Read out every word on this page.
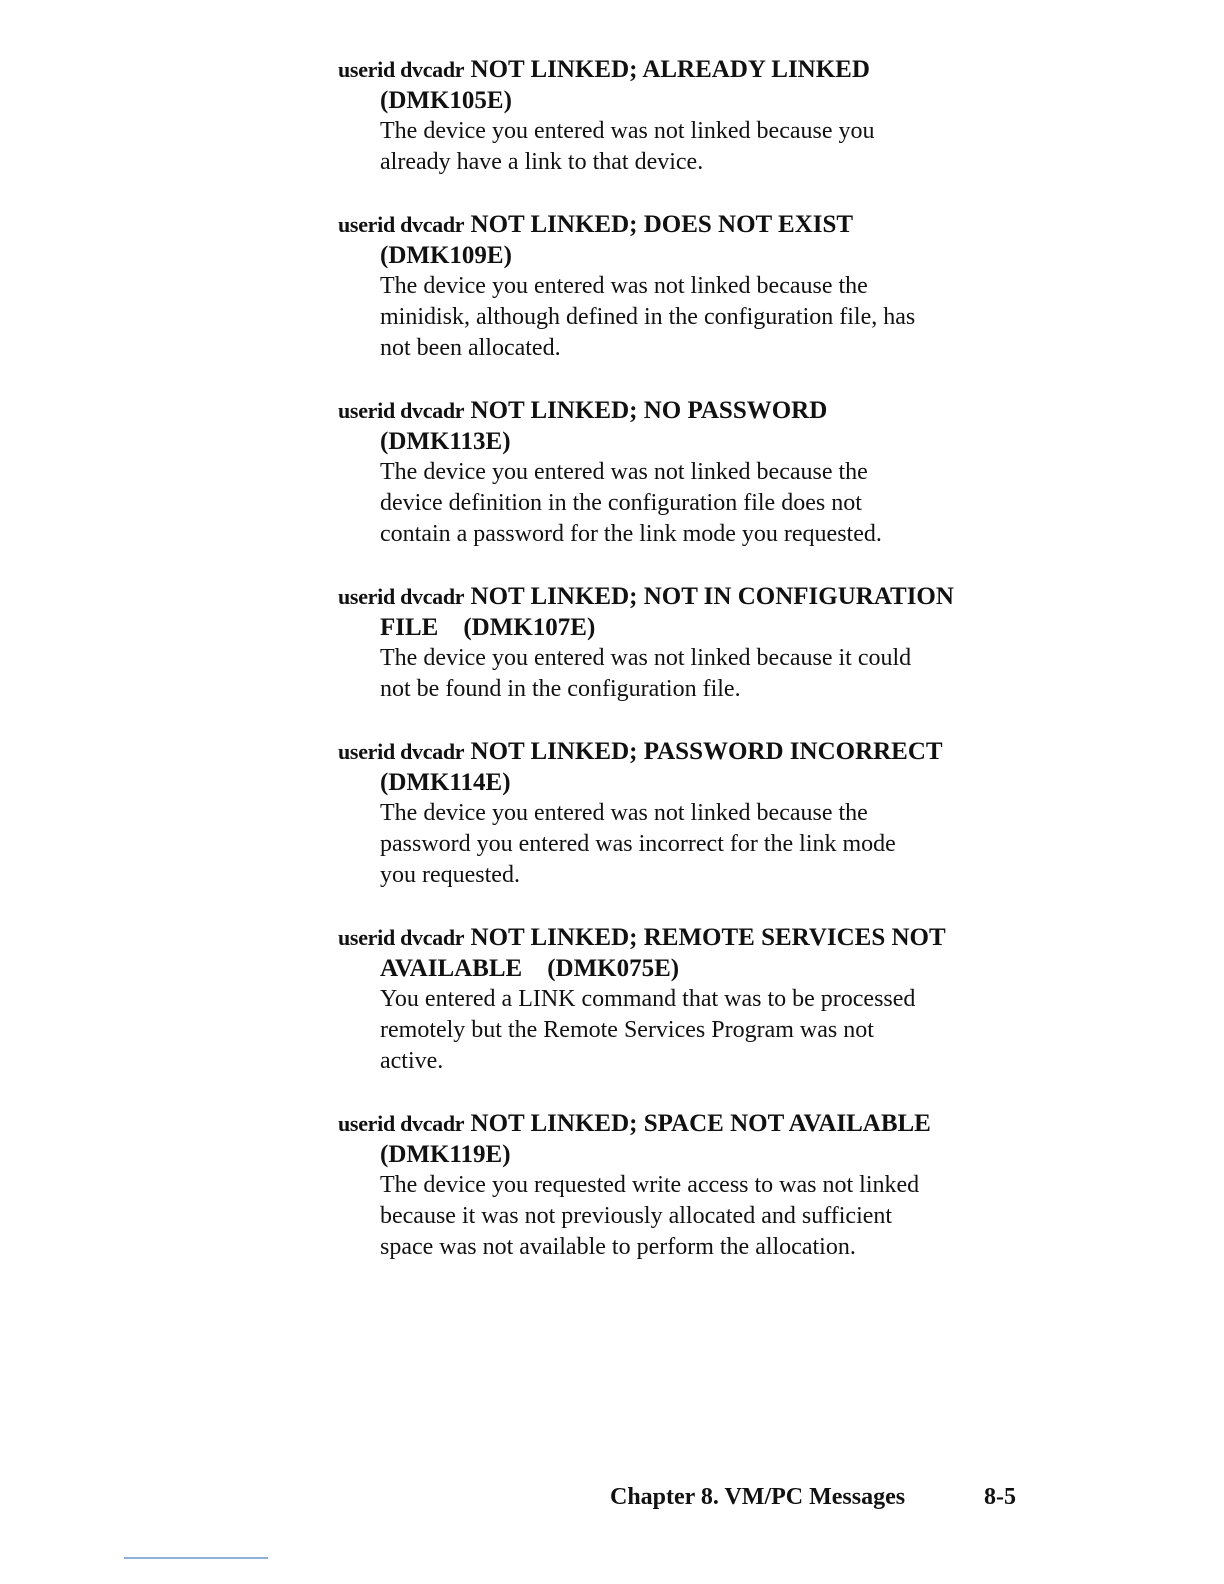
userid dvcadr NOT LINKED; ALREADY LINKED
(DMK105E)

The device you entered was not linked because you
already have a link to that device.

userid dvcadr NOT LINKED; DOES NOT EXIST
(DMK109E)

The device you entered was not linked because the
minidisk, although defined in the configuration file, has
not been allocated.

userid dvcadr NOT LINKED; NO PASSWORD
(DMK113E)

The device you entered was not linked because the
device definition in the configuration file does not
contain a password for the link mode you requested.

userid dvcadr NOT LINKED; NOT IN CONFIGURATION FILE (DMK107E)

The device you entered was not linked because it could
not be found in the configuration file.

userid dvcadr NOT LINKED; PASSWORD INCORRECT
(DMK114E)

The device you entered was not linked because the
password you entered was incorrect for the link mode
you requested.

userid dvcadr NOT LINKED; REMOTE SERVICES NOT AVAILABLE (DMK075E)

You entered a LINK command that was to be processed
remotely but the Remote Services Program was not
active.

userid dvcadr NOT LINKED; SPACE NOT AVAILABLE
(DMK119E)

The device you requested write access to was not linked
because it was not previously allocated and sufficient
space was not available to perform the allocation.

Chapter 8. VM/PC Messages	8-5
